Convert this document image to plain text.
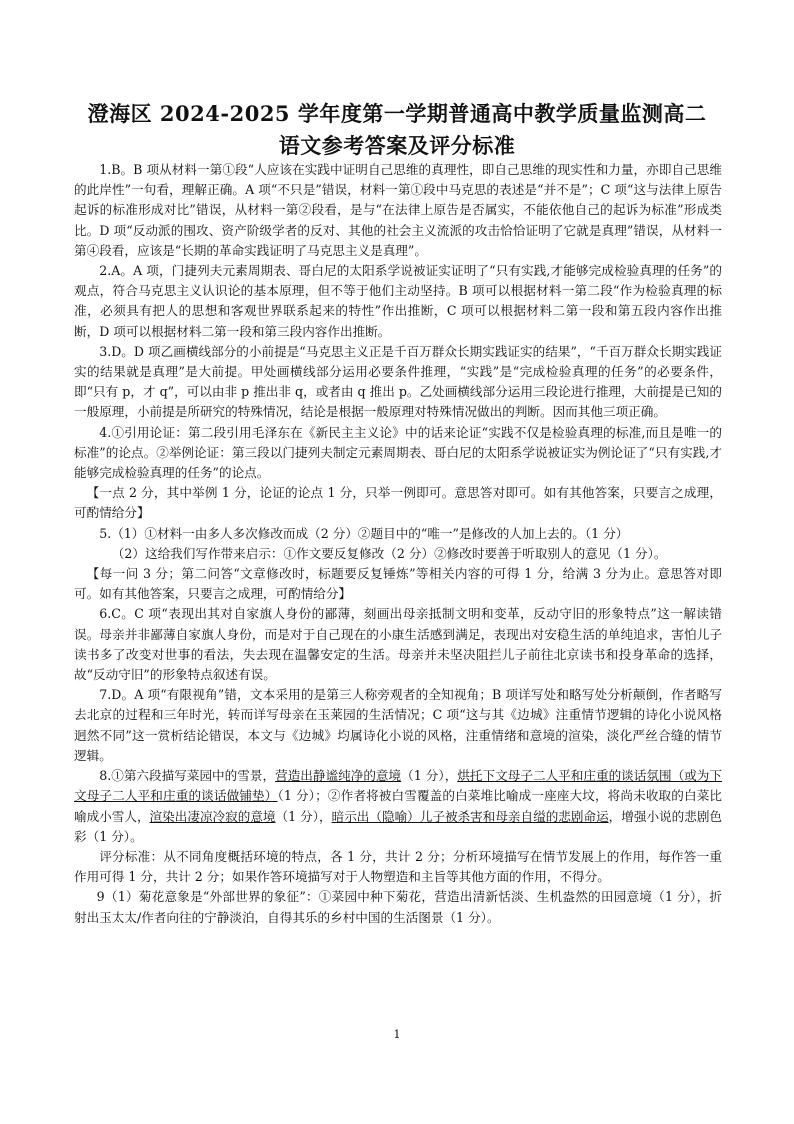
澄海区 2024-2025 学年度第一学期普通高中教学质量监测高二
语文参考答案及评分标准

1.B。B 项从材料一第①段“人应该在实践中证明自己思维的真理性，即自己思维的现实性和力量，亦即自己思维的此岸性”一句看，理解正确。A 项“不只是”错误，材料一第①段中马克思的表述是“并不是”；C 项“这与法律上原告起诉的标准形成对比”错误，从材料一第②段看，是与“在法律上原告是否属实，不能依他自己的起诉为标准”形成类比。D 项“反动派的围攻、资产阶级学者的反对、其他的社会主义流派的攻击恰恰证明了它就是真理”错误，从材料一第④段看，应该是“长期的革命实践证明了马克思主义是真理”。

2.A。A 项，门捷列夫元素周期表、哥白尼的太阳系学说被证实证明了“只有实践,才能够完成检验真理的任务”的观点，符合马克思主义认识论的基本原理，但不等于他们主动坚持。B 项可以根据材料一第二段“作为检验真理的标准，必须具有把人的思想和客观世界联系起来的特性”作出推断，C 项可以根据材料二第一段和第五段内容作出推断，D 项可以根据材料二第一段和第三段内容作出推断。

3.D。D 项乙画横线部分的小前提是“马克思主义正是千百万群众长期实践证实的结果”，“千百万群众长期实践证实的结果就是真理”是大前提。甲处画横线部分运用必要条件推理，“实践”是“完成检验真理的任务”的必要条件，即“只有 p，才 q”，可以由非 p 推出非 q，或者由 q 推出 p。乙处画横线部分运用三段论进行推理，大前提是已知的一般原理，小前提是所研究的特殊情况，结论是根据一般原理对特殊情况做出的判断。因而其他三项正确。

4.①引用论证：第二段引用毛泽东在《新民主主义论》中的话来论证“实践不仅是检验真理的标准,而且是唯一的标准”的论点。②举例论证：第三段以门捷列夫制定元素周期表、哥白尼的太阳系学说被证实为例论证了“只有实践,才能够完成检验真理的任务”的论点。

【一点 2 分，其中举例 1 分，论证的论点 1 分，只举一例即可。意思答对即可。如有其他答案，只要言之成理，可酌情给分】

5.（1）①材料一由多人多次修改而成（2 分）②题目中的“唯一”是修改的人加上去的。（1 分）

（2）这给我们写作带来启示：①作文要反复修改（2 分）②修改时要善于听取别人的意见（1 分）。

【每一问 3 分；第二问答“文章修改时，标题要反复锤炼”等相关内容的可得 1 分，给满 3 分为止。意思答对即可。如有其他答案，只要言之成理，可酌情给分】

6.C。C 项“表现出其对自家旗人身份的鄙薄，刻画出母亲抵制文明和变革，反动守旧的形象特点”这一解读错误。母亲并非鄙薄自家旗人身份，而是对于自己现在的小康生活感到满足，表现出对安稳生活的单纯追求，害怕儿子读书多了改变对世事的看法，失去现在温馨安定的生活。母亲并未坚决阻拦儿子前往北京读书和投身革命的选择，故“反动守旧”的形象特点叙述有误。

7.D。A 项“有限视角”错，文本采用的是第三人称旁观者的全知视角；B 项详写处和略写处分析颠倒，作者略写去北京的过程和三年时光，转而详写母亲在玉莱园的生活情况；C 项“这与其《边城》注重情节逻辑的诗化小说风格迥然不同”这一赏析结论错误，本文与《边城》均属诗化小说的风格，注重情绪和意境的渲染，淡化严丝合缝的情节逻辑。

8.①第六段描写菜园中的雪景，营造出静谧纯净的意境（1 分），烘托下文母子二人平和庄重的谈话氛围（或为下文母子二人平和庄重的谈话做铺垫）（1 分）；②作者将被白雪覆盖的白菜堆比喻成一座座大坟，将尚未收取的白菜比喻成小雪人，渲染出凄凉冷寂的意境（1 分），暗示出（隐喻）儿子被杀害和母亲自缢的悲剧命运，增强小说的悲剧色彩（1 分）。

评分标准：从不同角度概括环境的特点，各 1 分，共计 2 分；分析环境描写在情节发展上的作用，每作答一重作用可得 1 分，共计 2 分；如果作答环境描写对于人物塑造和主旨等其他方面的作用，不得分。

9（1）菊花意象是“外部世界的象征”：①菜园中种下菊花，营造出清新恬淡、生机盎然的田园意境（1 分），折射出玉太太/作者向往的宁静淡泊，自得其乐的乡村中国的生活图景（1 分）。

1
